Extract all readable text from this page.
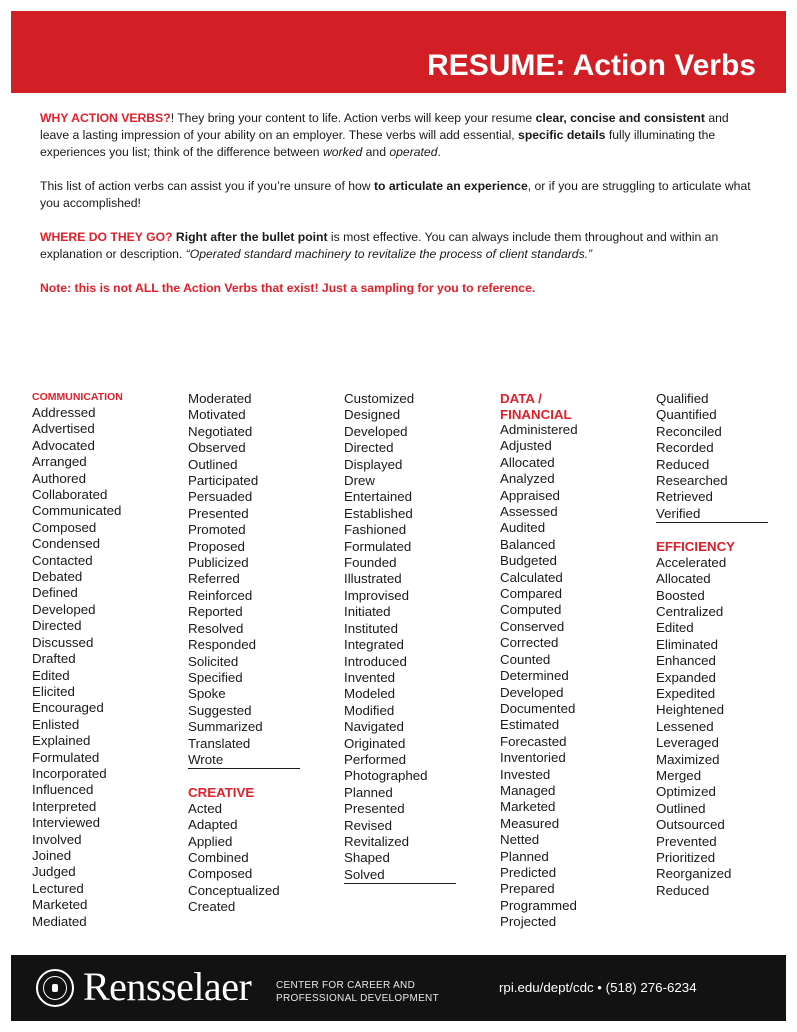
RESUME: Action Verbs

WHY ACTION VERBS?! They bring your content to life. Action verbs will keep your resume clear, concise and consistent and leave a lasting impression of your ability on an employer. These verbs will add essential, specific details fully illuminating the experiences you list; think of the difference between worked and operated.

This list of action verbs can assist you if you’re unsure of how to articulate an experience, or if you are struggling to articulate what you accomplished!

WHERE DO THEY GO? Right after the bullet point is most effective. You can always include them throughout and within an explanation or description. “Operated standard machinery to revitalize the process of client standards.”

Note: this is not ALL the Action Verbs that exist! Just a sampling for you to reference.

COMMUNICATION
Addressed
Advertised
Advocated
Arranged
Authored
Collaborated
Communicated
Composed
Condensed
Contacted
Debated
Defined
Developed
Directed
Discussed
Drafted
Edited
Elicited
Encouraged
Enlisted
Explained
Formulated
Incorporated
Influenced
Interpreted
Interviewed
Involved
Joined
Judged
Lectured
Marketed
Mediated
Moderated
Motivated
Negotiated
Observed
Outlined
Participated
Persuaded
Presented
Promoted
Proposed
Publicized
Referred
Reinforced
Reported
Resolved
Responded
Solicited
Specified
Spoke
Suggested
Summarized
Translated
Wrote
CREATIVE
Acted
Adapted
Applied
Combined
Composed
Conceptualized
Created
Customized
Designed
Developed
Directed
Displayed
Drew
Entertained
Established
Fashioned
Formulated
Founded
Illustrated
Improvised
Initiated
Instituted
Integrated
Introduced
Invented
Modeled
Modified
Navigated
Originated
Performed
Photographed
Planned
Presented
Revised
Revitalized
Shaped
Solved
DATA /
FINANCIAL
Administered
Adjusted
Allocated
Analyzed
Appraised
Assessed
Audited
Balanced
Budgeted
Calculated
Compared
Computed
Conserved
Corrected
Counted
Determined
Developed
Documented
Estimated
Forecasted
Inventoried
Invested
Managed
Marketed
Measured
Netted
Planned
Predicted
Prepared
Programmed
Projected
Qualified
Quantified
Reconciled
Recorded
Reduced
Researched
Retrieved
Verified
EFFICIENCY
Accelerated
Allocated
Boosted
Centralized
Edited
Eliminated
Enhanced
Expanded
Expedited
Heightened
Lessened
Leveraged
Maximized
Merged
Optimized
Outlined
Outsourced
Prevented
Prioritized
Reorganized
Reduced

Rensselaer CENTER FOR CAREER AND
PROFESSIONAL DEVELOPMENT
rpi.edu/dept/cdc • (518) 276-6234
